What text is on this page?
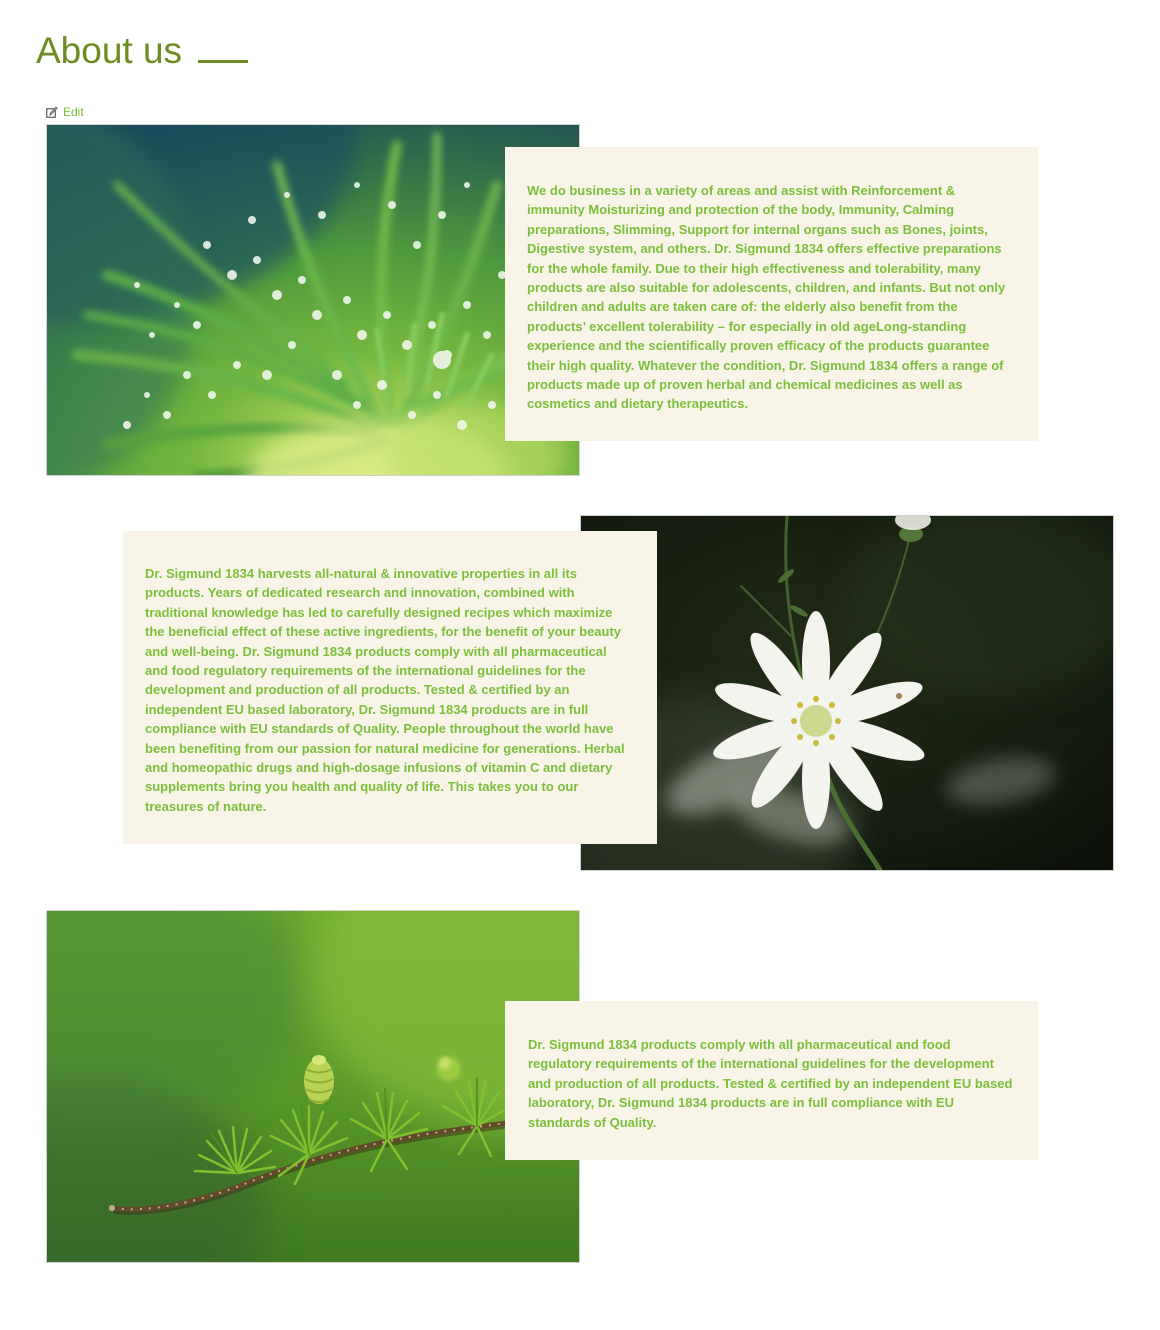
About us
Edit

We do business in a variety of areas and assist with Reinforcement & immunity Moisturizing and protection of the body, Immunity, Calming preparations, Slimming, Support for internal organs such as Bones, joints, Digestive system, and others. Dr. Sigmund 1834 offers effective preparations for the whole family. Due to their high effectiveness and tolerability, many products are also suitable for adolescents, children, and infants. But not only children and adults are taken care of: the elderly also benefit from the products’ excellent tolerability – for especially in old ageLong-standing experience and the scientifically proven efficacy of the products guarantee their high quality. Whatever the condition, Dr. Sigmund 1834 offers a range of products made up of proven herbal and chemical medicines as well as cosmetics and dietary therapeutics.

Dr. Sigmund 1834 harvests all-natural & innovative properties in all its products. Years of dedicated research and innovation, combined with traditional knowledge has led to carefully designed recipes which maximize the beneficial effect of these active ingredients, for the benefit of your beauty and well-being. Dr. Sigmund 1834 products comply with all pharmaceutical and food regulatory requirements of the international guidelines for the development and production of all products. Tested & certified by an independent EU based laboratory, Dr. Sigmund 1834 products are in full compliance with EU standards of Quality. People throughout the world have been benefiting from our passion for natural medicine for generations. Herbal and homeopathic drugs and high-dosage infusions of vitamin C and dietary supplements bring you health and quality of life. This takes you to our treasures of nature.

Dr. Sigmund 1834 products comply with all pharmaceutical and food regulatory requirements of the international guidelines for the development and production of all products. Tested & certified by an independent EU based laboratory, Dr. Sigmund 1834 products are in full compliance with EU standards of Quality.
